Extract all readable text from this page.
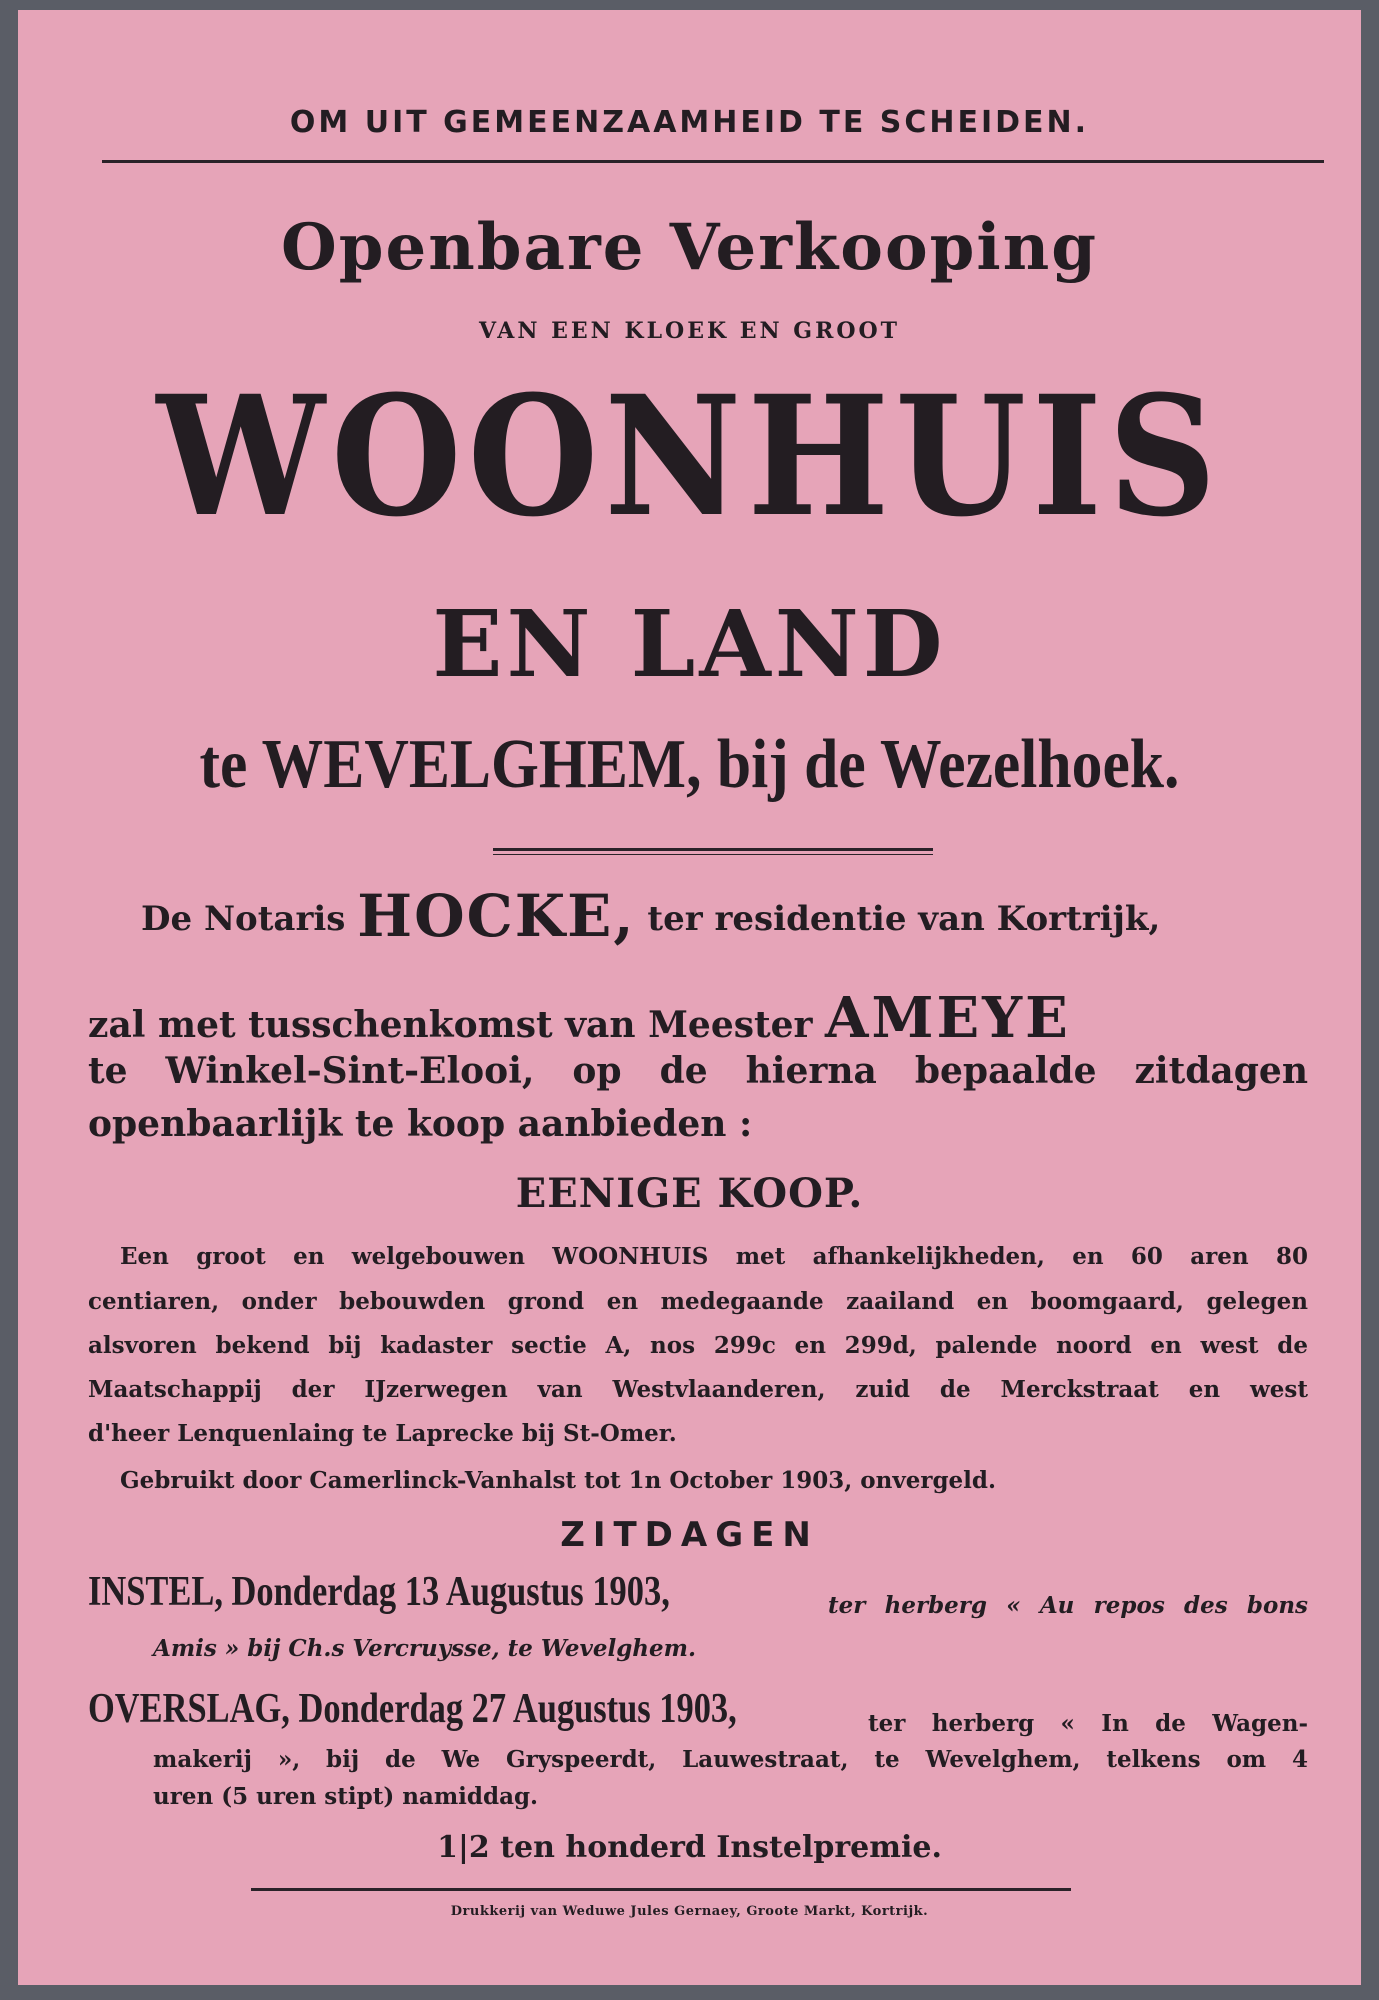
OM UIT GEMEENZAAMHEID TE SCHEIDEN.
Openbare Verkooping
VAN EEN KLOEK EN GROOT
WOONHUIS
EN LAND
te WEVELGHEM, bij de Wezelhoek.
De Notaris HOCKE, ter residentie van Kortrijk,
zal met tusschenkomst van Meester AMEYE
te Winkel-Sint-Elooi, op de hierna bepaalde zitdagen
openbaarlijk te koop aanbieden :
EENIGE KOOP.
Een groot en welgebouwen WOONHUIS met afhankelijkheden, en 60 aren 80
centiaren, onder bebouwden grond en medegaande zaailand en boomgaard, gelegen
alsvoren bekend bij kadaster sectie A, nos 299c en 299d, palende noord en west de
Maatschappij der IJzerwegen van Westvlaanderen, zuid de Merckstraat en west
d'heer Lenquenlaing te Laprecke bij St-Omer.
Gebruikt door Camerlinck-Vanhalst tot 1n October 1903, onvergeld.
ZITDAGEN
INSTEL, Donderdag 13 Augustus 1903,	ter herberg « Au repos des bons
Amis » bij Ch.s Vercruysse, te Wevelghem.
OVERSLAG, Donderdag 27 Augustus 1903,	ter herberg « In de Wagen-
makerij », bij de We Gryspeerdt, Lauwestraat, te Wevelghem, telkens om 4
uren (5 uren stipt) namiddag.
1|2 ten honderd Instelpremie.
Drukkerij van Weduwe Jules Gernaey, Groote Markt, Kortrijk.
